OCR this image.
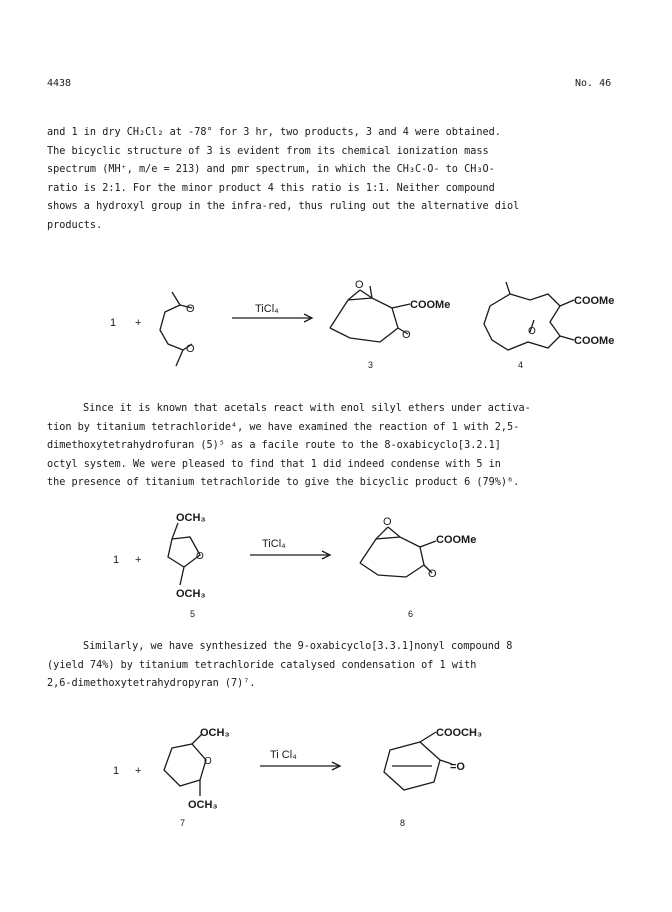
4438	No. 46

and 1 in dry CH₂Cl₂ at -78° for 3 hr, two products, 3 and 4 were obtained.

The bicyclic structure of 3 is evident from its chemical ionization mass

spectrum (MH⁺, m/e = 213) and pmr spectrum, in which the CH₃C-O- to CH₃O-

ratio is 2:1. For the minor product 4 this ratio is 1:1. Neither compound

shows a hydroxyl group in the infra-red, thus ruling out the alternative diol

products.

O
O
O
O	O
1 +
TiCl₄	COOMe
3
COOMe
COOMe
4

Since it is known that acetals react with enol silyl ethers under activa-

tion by titanium tetrachloride⁴, we have examined the reaction of 1 with 2,5-

dimethoxytetrahydrofuran (5)⁵ as a facile route to the 8-oxabicyclo[3.2.1]

octyl system. We were pleased to find that 1 did indeed condense with 5 in

the presence of titanium tetrachloride to give the bicyclic product 6 (79%)⁶.

OCH₃
OCH₃
O
O
O
1 +
TiCl₄	COOMe
5	6

Similarly, we have synthesized the 9-oxabicyclo[3.3.1]nonyl compound 8

(yield 74%) by titanium tetrachloride catalysed condensation of 1 with

2,6-dimethoxytetrahydropyran (7)⁷.

OCH₃
OCH₃
O
1 +
Ti Cl₄
COOCH₃
=O
7	8
